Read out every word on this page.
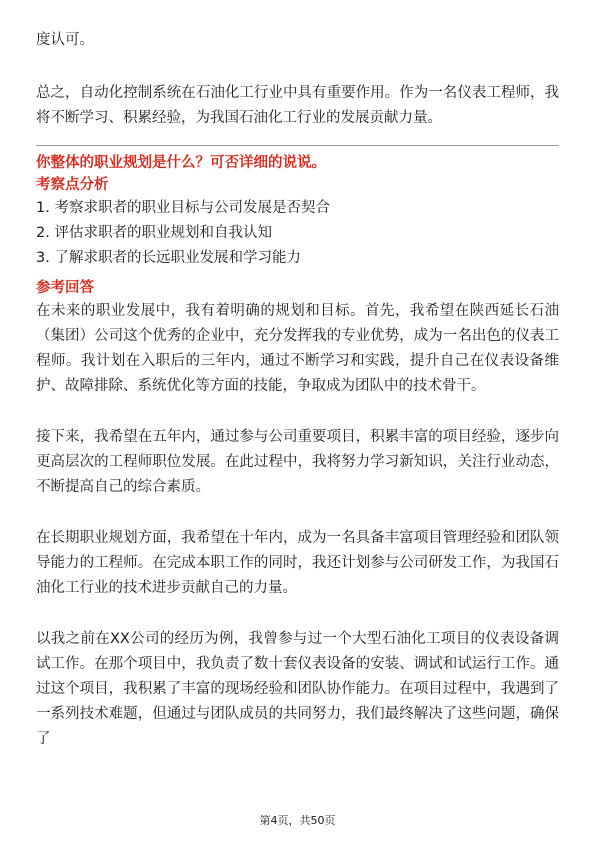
度认可。

总之，自动化控制系统在石油化工行业中具有重要作用。作为一名仪表工程师，我将不断学习、积累经验，为我国石油化工行业的发展贡献力量。

你整体的职业规划是什么？可否详细的说说。
考察点分析
1. 考察求职者的职业目标与公司发展是否契合
2. 评估求职者的职业规划和自我认知
3. 了解求职者的长远职业发展和学习能力
参考回答

在未来的职业发展中，我有着明确的规划和目标。首先，我希望在陕西延长石油（集团）公司这个优秀的企业中，充分发挥我的专业优势，成为一名出色的仪表工程师。我计划在入职后的三年内，通过不断学习和实践，提升自己在仪表设备维护、故障排除、系统优化等方面的技能，争取成为团队中的技术骨干。

接下来，我希望在五年内，通过参与公司重要项目，积累丰富的项目经验，逐步向更高层次的工程师职位发展。在此过程中，我将努力学习新知识，关注行业动态，不断提高自己的综合素质。

在长期职业规划方面，我希望在十年内，成为一名具备丰富项目管理经验和团队领导能力的工程师。在完成本职工作的同时，我还计划参与公司研发工作，为我国石油化工行业的技术进步贡献自己的力量。

以我之前在XX公司的经历为例，我曾参与过一个大型石油化工项目的仪表设备调试工作。在那个项目中，我负责了数十套仪表设备的安装、调试和试运行工作。通过这个项目，我积累了丰富的现场经验和团队协作能力。在项目过程中，我遇到了一系列技术难题，但通过与团队成员的共同努力，我们最终解决了这些问题，确保了

第4页，共50页
